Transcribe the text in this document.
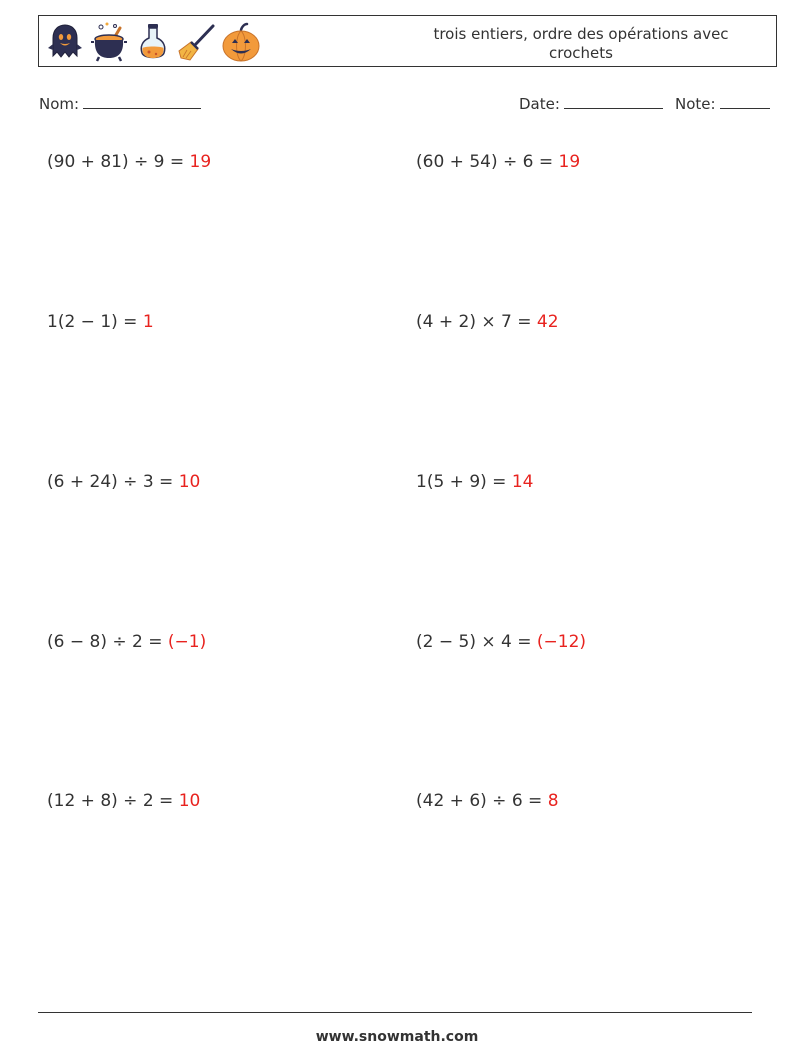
trois entiers, ordre des opérations avec crochets
Nom:	Date:	Note:
(90 + 81) ÷ 9 = 19	(60 + 54) ÷ 6 = 19
1(2 − 1) = 1	(4 + 2) × 7 = 42
(6 + 24) ÷ 3 = 10	1(5 + 9) = 14
(6 − 8) ÷ 2 = (−1)	(2 − 5) × 4 = (−12)
(12 + 8) ÷ 2 = 10	(42 + 6) ÷ 6 = 8
www.snowmath.com
